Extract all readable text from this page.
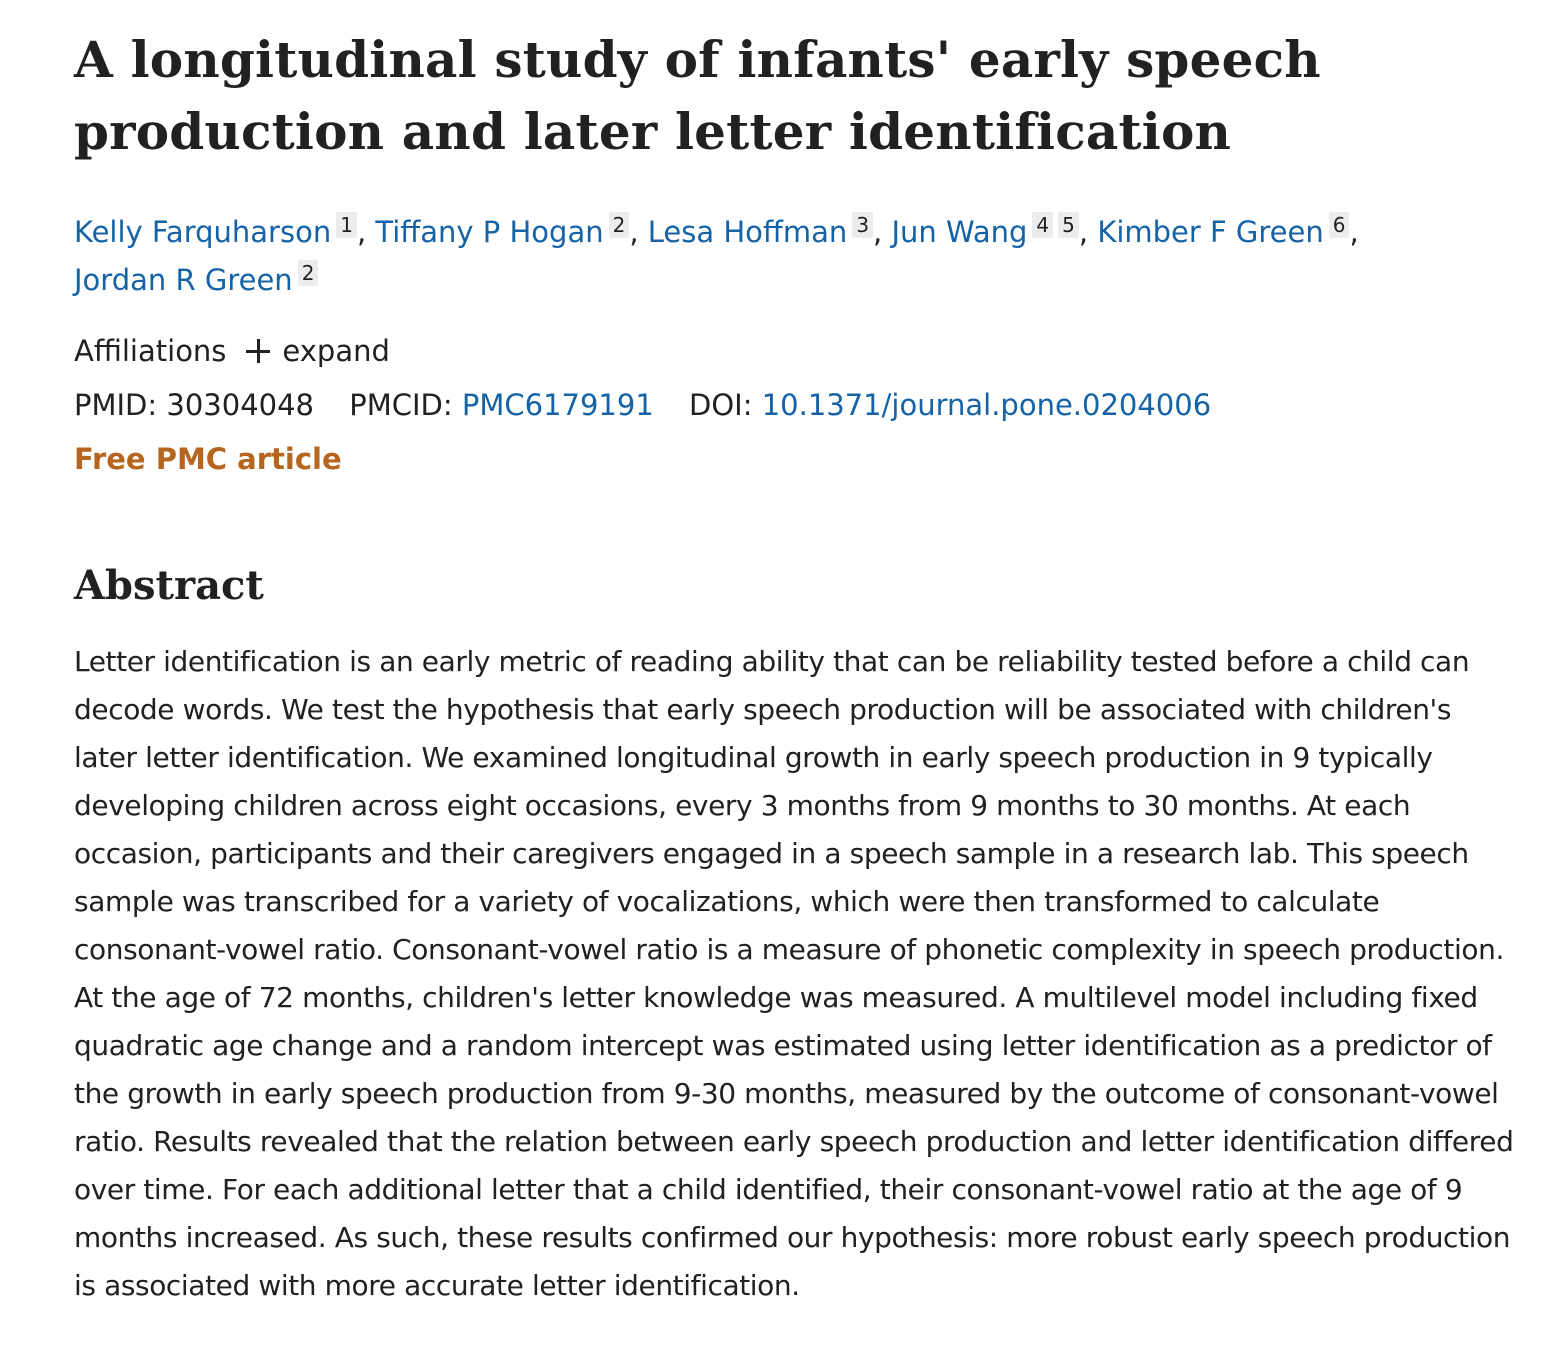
A longitudinal study of infants' early speech production and later letter identification
Kelly Farquharson 1 , Tiffany P Hogan 2 , Lesa Hoffman 3 , Jun Wang 4 5 , Kimber F Green 6 ,
Jordan R Green 2
Affiliations expand
PMID: 30304048 PMCID: PMC6179191 DOI: 10.1371/journal.pone.0204006
Free PMC article
Abstract

Letter identification is an early metric of reading ability that can be reliability tested before a child can decode words. We test the hypothesis that early speech production will be associated with children's later letter identification. We examined longitudinal growth in early speech production in 9 typically developing children across eight occasions, every 3 months from 9 months to 30 months. At each occasion, participants and their caregivers engaged in a speech sample in a research lab. This speech sample was transcribed for a variety of vocalizations, which were then transformed to calculate consonant-vowel ratio. Consonant-vowel ratio is a measure of phonetic complexity in speech production. At the age of 72 months, children's letter knowledge was measured. A multilevel model including fixed quadratic age change and a random intercept was estimated using letter identification as a predictor of the growth in early speech production from 9-30 months, measured by the outcome of consonant-vowel ratio. Results revealed that the relation between early speech production and letter identification differed over time. For each additional letter that a child identified, their consonant-vowel ratio at the age of 9 months increased. As such, these results confirmed our hypothesis: more robust early speech production is associated with more accurate letter identification.
